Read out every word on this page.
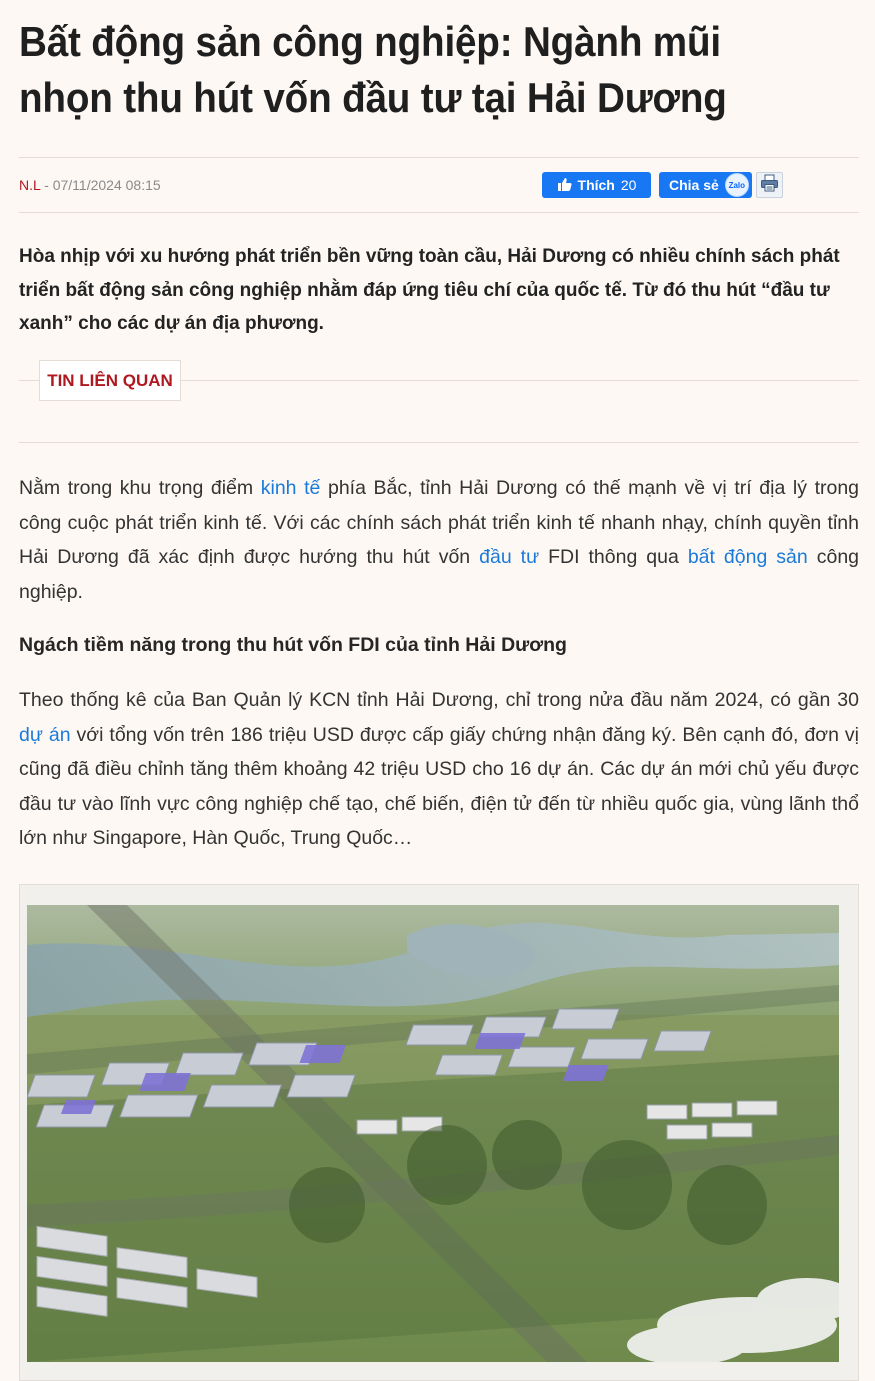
Bất động sản công nghiệp: Ngành mũi nhọn thu hút vốn đầu tư tại Hải Dương
N.L - 07/11/2024 08:15	Thích 20 Chia sẻ Zalo

Hòa nhịp với xu hướng phát triển bền vững toàn cầu, Hải Dương có nhiều chính sách phát triển bất động sản công nghiệp nhằm đáp ứng tiêu chí của quốc tế. Từ đó thu hút “đầu tư xanh” cho các dự án địa phương.

TIN LIÊN QUAN

Nằm trong khu trọng điểm kinh tế phía Bắc, tỉnh Hải Dương có thế mạnh về vị trí địa lý trong công cuộc phát triển kinh tế. Với các chính sách phát triển kinh tế nhanh nhạy, chính quyền tỉnh Hải Dương đã xác định được hướng thu hút vốn đầu tư FDI thông qua bất động sản công nghiệp.

Ngách tiềm năng trong thu hút vốn FDI của tỉnh Hải Dương

Theo thống kê của Ban Quản lý KCN tỉnh Hải Dương, chỉ trong nửa đầu năm 2024, có gần 30 dự án với tổng vốn trên 186 triệu USD được cấp giấy chứng nhận đăng ký. Bên cạnh đó, đơn vị cũng đã điều chỉnh tăng thêm khoảng 42 triệu USD cho 16 dự án. Các dự án mới chủ yếu được đầu tư vào lĩnh vực công nghiệp chế tạo, chế biến, điện tử đến từ nhiều quốc gia, vùng lãnh thổ lớn như Singapore, Hàn Quốc, Trung Quốc…
